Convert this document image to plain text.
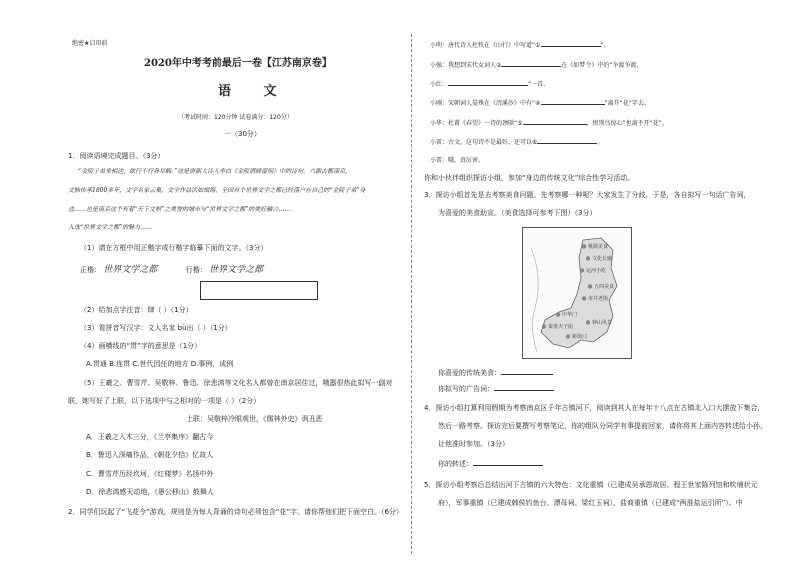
绝密★启用前
2020年中考考前最后一卷【江苏南京卷】
语 文
（考试时间：120分钟 试卷满分：120分）
一（30分）
1．阅读语境完成题目。（3分）
“金陵子弟来相送，欲行不行各尽觞。”这是唐朝大诗人李白《金陵酒肆留别》中的诗句。六朝古都南京，
文脉传承1800多年，文学名家云集，文学作品浩如烟海，全国首个世界文学之都已经落户在自己的“金陵子弟”身
边……也是南京这个有着“天下文枢”之美誉的城市与“世界文学之都”的美好融合……
入选“世界文学之都”的魅力……
（1）请在方框中用正楷字或行楷字临摹下面的文字。（3分）
正楷： 世界文学之都	行楷： 世界文学之都
（2）给加点字注音：肆（ ）（1分）
（3）看拼音写汉字：文人名家 bù出（ ）（1分）
（4）画横线的“贯”字的意思是（1分）
A.贯通 B.连贯 C.世代因任的地方 D.事例，成例
（5）王羲之、曹雪芹、吴敬梓、鲁迅、徐悲鸿等文化名人都曾在南京居住过，哦嚣很热此拟写一副对
联，她写好了上联，以下选项中与之相对的一项是（ ）（2分）
上联：吴敬梓冷眼观世，《儒林外史》讽丑恶
A．王羲之入木三分，《兰亭集序》翻古今
B．鲁迅入深痛作品，《朝花夕拾》忆故人
C．曹雪芹历经坎坷，《红楼梦》名扬中外
D．徐悲鸿感天动地，《愚公移山》鼓舞人
2．同学们玩起了“飞花令”游戏，规则是为每人背诵的诗句必须包含“花”字。请你帮他们把下面空白。（6分）
小明：唐代诗人杜牧在《山行》中写道“①	”。
小强：我想到宋代女词人②	在《如梦令》中的“争渡争渡，
小红：	”一首。
小刚：宋朝词人晏殊在《浣溪沙》中有“④	”离开“花”字去。
小华：杜甫《春望》一诗的颈联“⑤	，恨别鸟惊心”也离不开“花”。
小雷：古文，这句诗不是最好，还可以⑥	。
小雷：哦，真厉害。
你和小伙伴组织探访小组，参加“身边的传统文化”综合性学习活动。
3．探访小组首先是去考察美食问题。先考察哪一种呢？大家发生了分歧，于是，各自拟写一句话广告词，
为喜爱的美食助宣。（美食选择可参考下图）（3分）
桃源美食
文化长廊
运河小吃
五四美食
市井老街
中华门
秦淮夫子庙
钟山风景
新街口
你喜爱的传统美食：
你拟写的广告词：
4．探访小组打算利用假期为考察南京区千年古镇河下，阅读到其人在每年十八点在古镇北入口大摆放下集合，
然后一路考察。探访完后要撰写考察笔记，你的组队分同学有事提前回家，请你将其上面内容转述给小孙，
让他准时参加。（3分）
你的转述：
5．探访小组考察后总结出河下古镇的六大特色：文化重镇（已建成吴承恩故居、程王世家陈列馆和吹埔状元
府），军事重镇（已建成韩侯钓鱼台、漂母祠、梁红玉祠），盐商重镇（已建成“两淮盐运引所”）。中
